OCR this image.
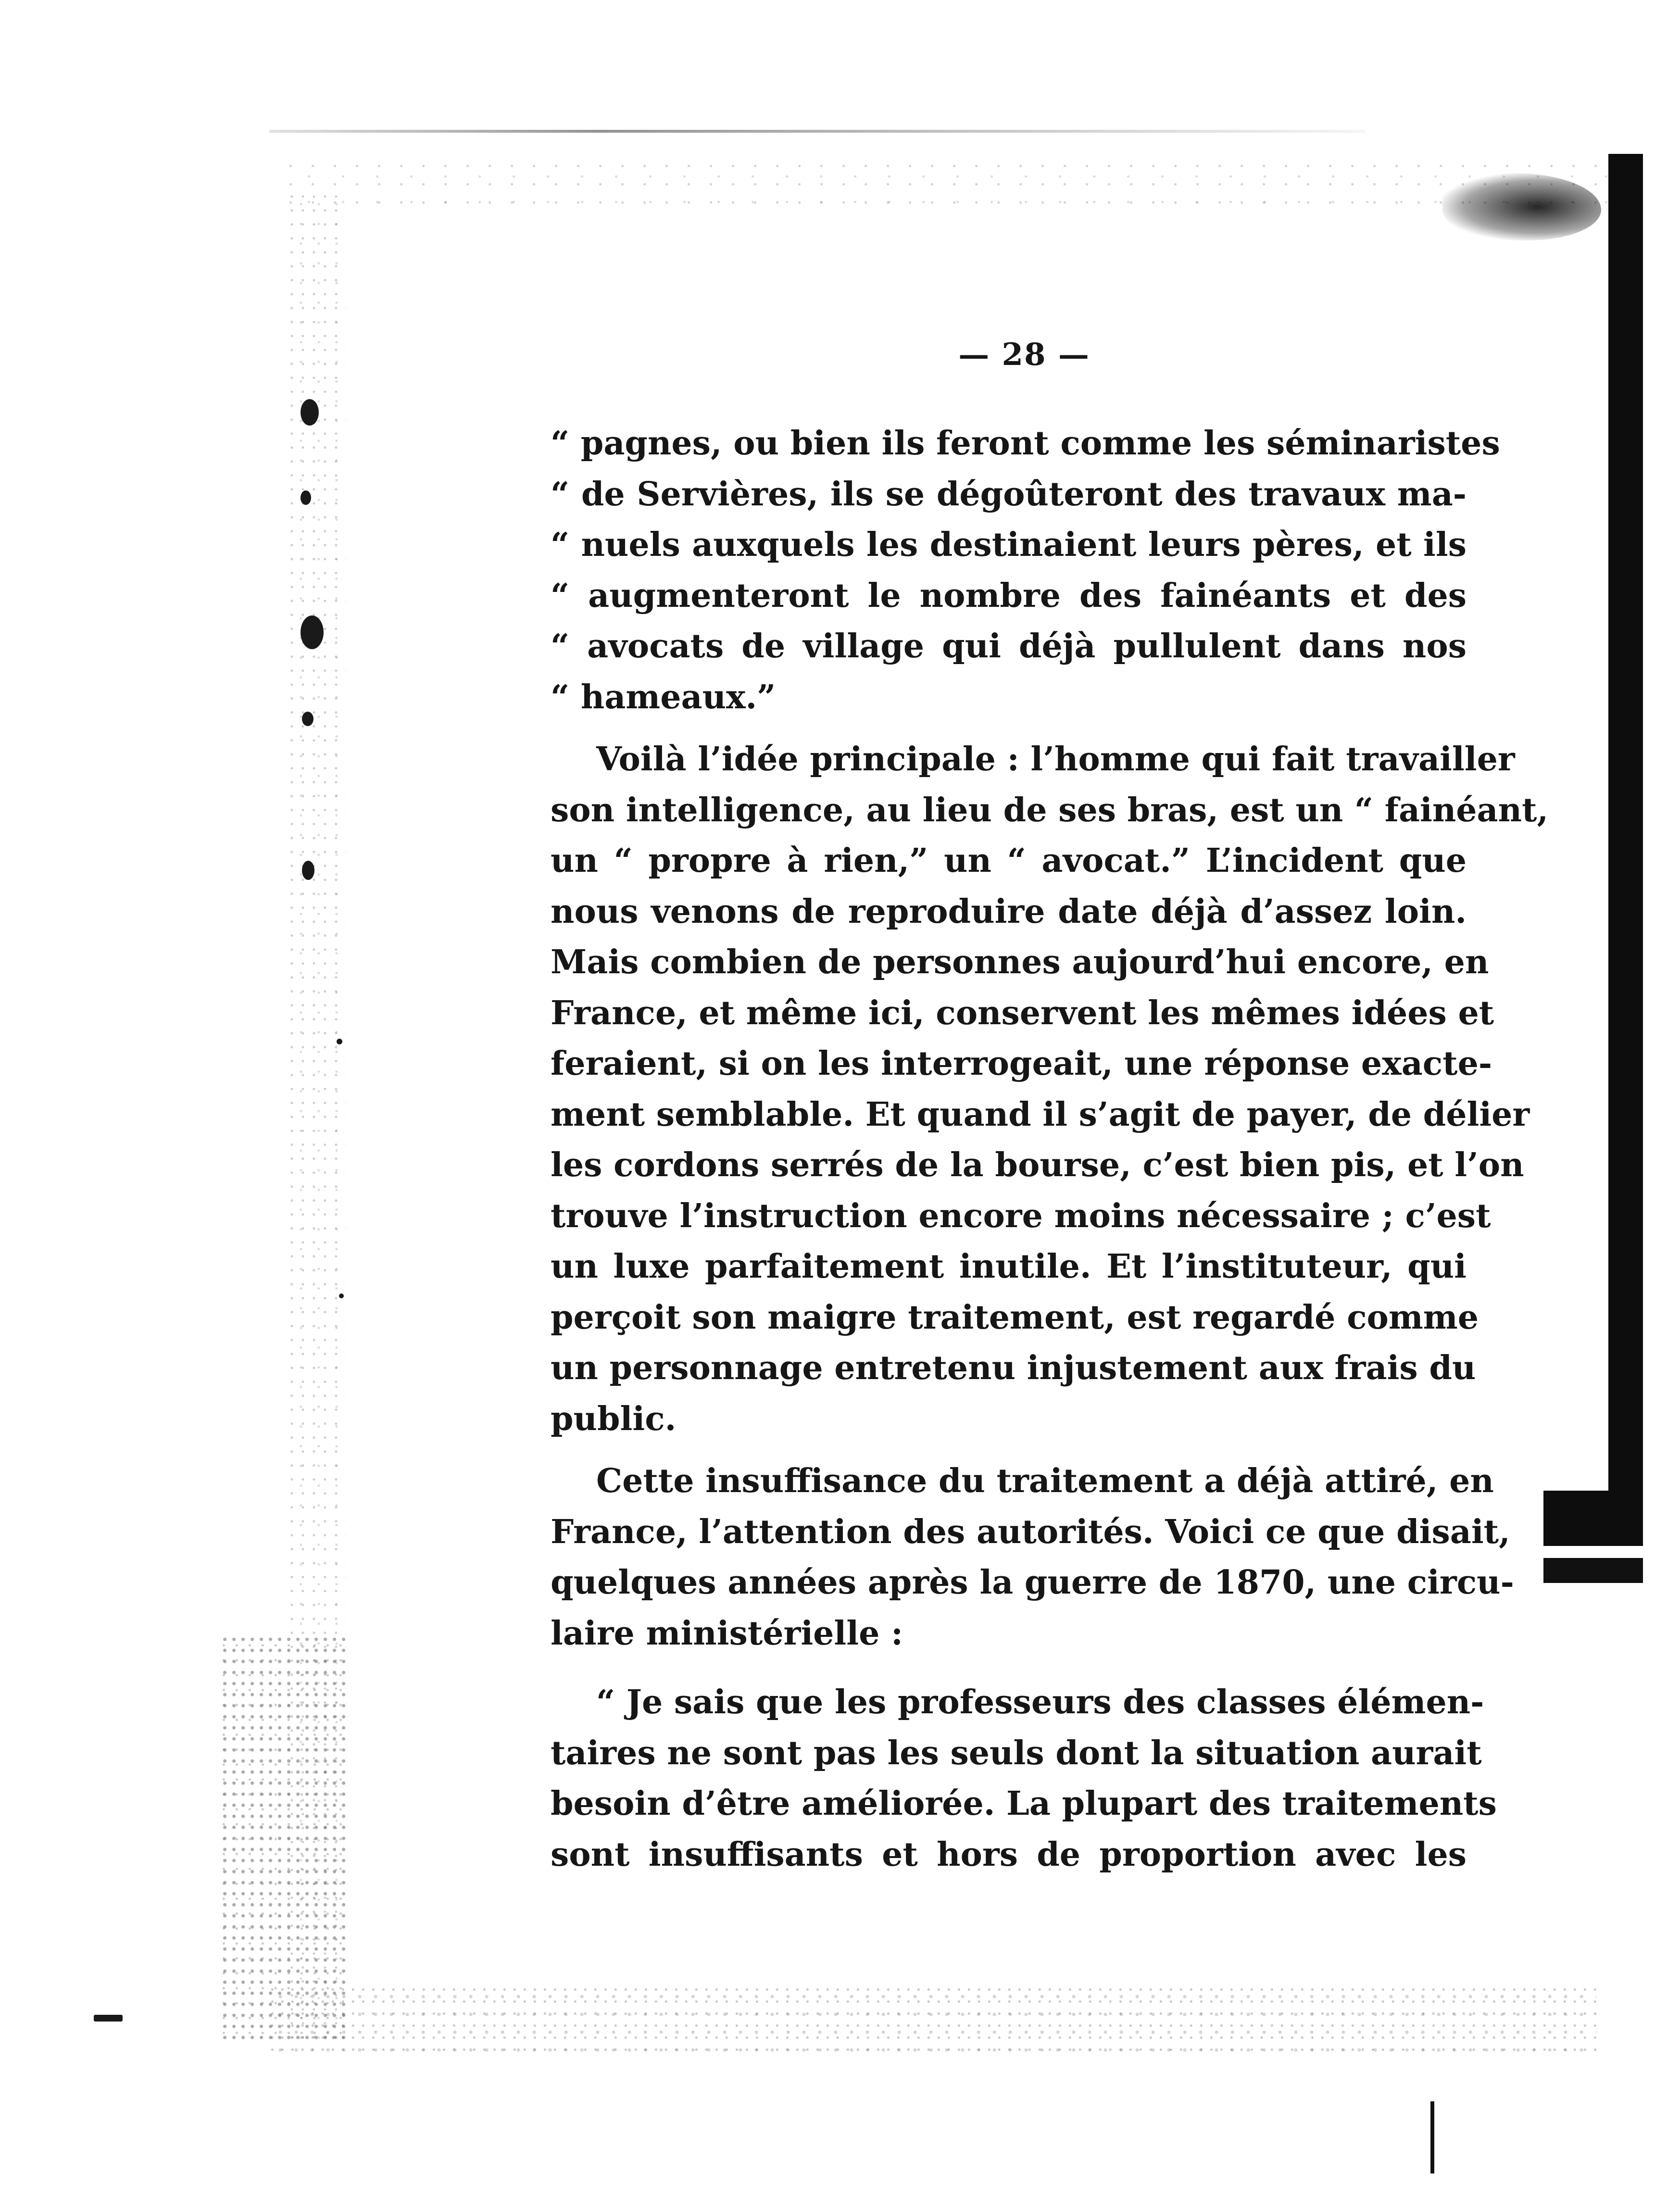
— 28 —
“ pagnes, ou bien ils feront comme les séminaristes
“ de Servières, ils se dégoûteront des travaux ma-
“ nuels auxquels les destinaient leurs pères, et ils
“ augmenteront le nombre des fainéants et des
“ avocats de village qui déjà pullulent dans nos
“ hameaux.”
Voilà l’idée principale : l’homme qui fait travailler
son intelligence, au lieu de ses bras, est un “ fainéant,
un “ propre à rien,” un “ avocat.” L’incident que
nous venons de reproduire date déjà d’assez loin.
Mais combien de personnes aujourd’hui encore, en
France, et même ici, conservent les mêmes idées et
feraient, si on les interrogeait, une réponse exacte-
ment semblable. Et quand il s’agit de payer, de délier
les cordons serrés de la bourse, c’est bien pis, et l’on
trouve l’instruction encore moins nécessaire ; c’est
un luxe parfaitement inutile. Et l’instituteur, qui
perçoit son maigre traitement, est regardé comme
un personnage entretenu injustement aux frais du
public.
Cette insuffisance du traitement a déjà attiré, en
France, l’attention des autorités. Voici ce que disait,
quelques années après la guerre de 1870, une circu-
laire ministérielle :
“ Je sais que les professeurs des classes élémen-
taires ne sont pas les seuls dont la situation aurait
besoin d’être améliorée. La plupart des traitements
sont insuffisants et hors de proportion avec les
